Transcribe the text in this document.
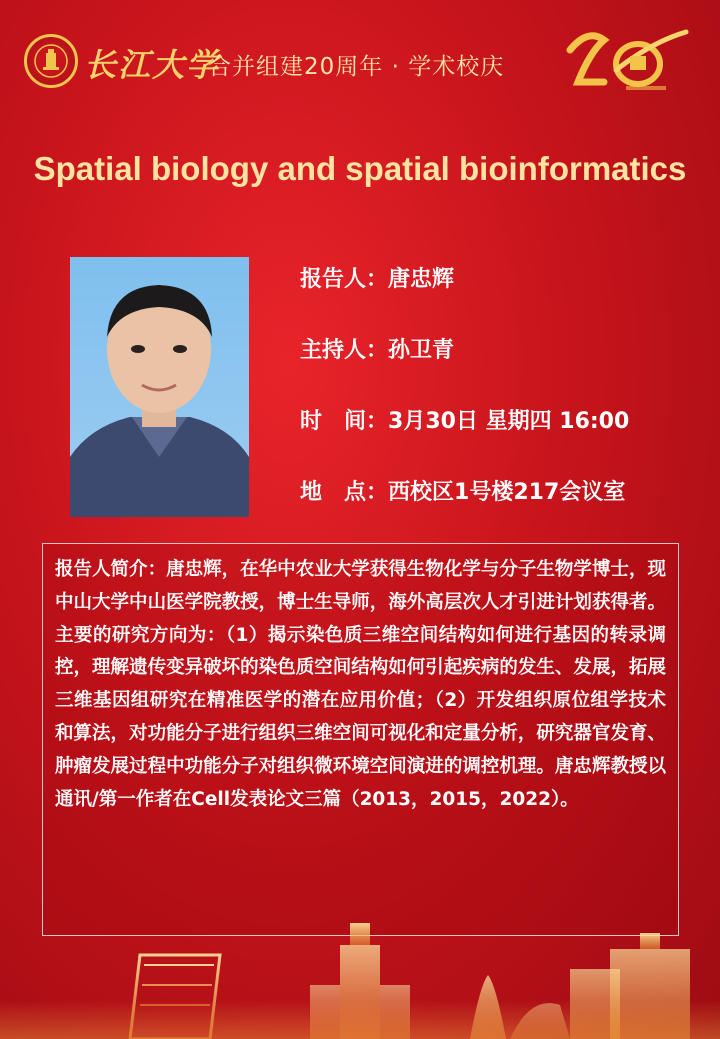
长江大学
合并组建20周年 · 学术校庆
Spatial biology and spatial bioinformatics
报告人：唐忠辉
主持人：孙卫青
时　间：3月30日 星期四 16:00
地　点：西校区1号楼217会议室
报告人简介：唐忠辉，在华中农业大学获得生物化学与分子生物学博士，现中山大学中山医学院教授，博士生导师，海外高层次人才引进计划获得者。主要的研究方向为：（1）揭示染色质三维空间结构如何进行基因的转录调控，理解遗传变异破坏的染色质空间结构如何引起疾病的发生、发展，拓展三维基因组研究在精准医学的潜在应用价值；（2）开发组织原位组学技术和算法，对功能分子进行组织三维空间可视化和定量分析，研究器官发育、肿瘤发展过程中功能分子对组织微环境空间演进的调控机理。唐忠辉教授以通讯/第一作者在Cell发表论文三篇（2013，2015，2022）。
